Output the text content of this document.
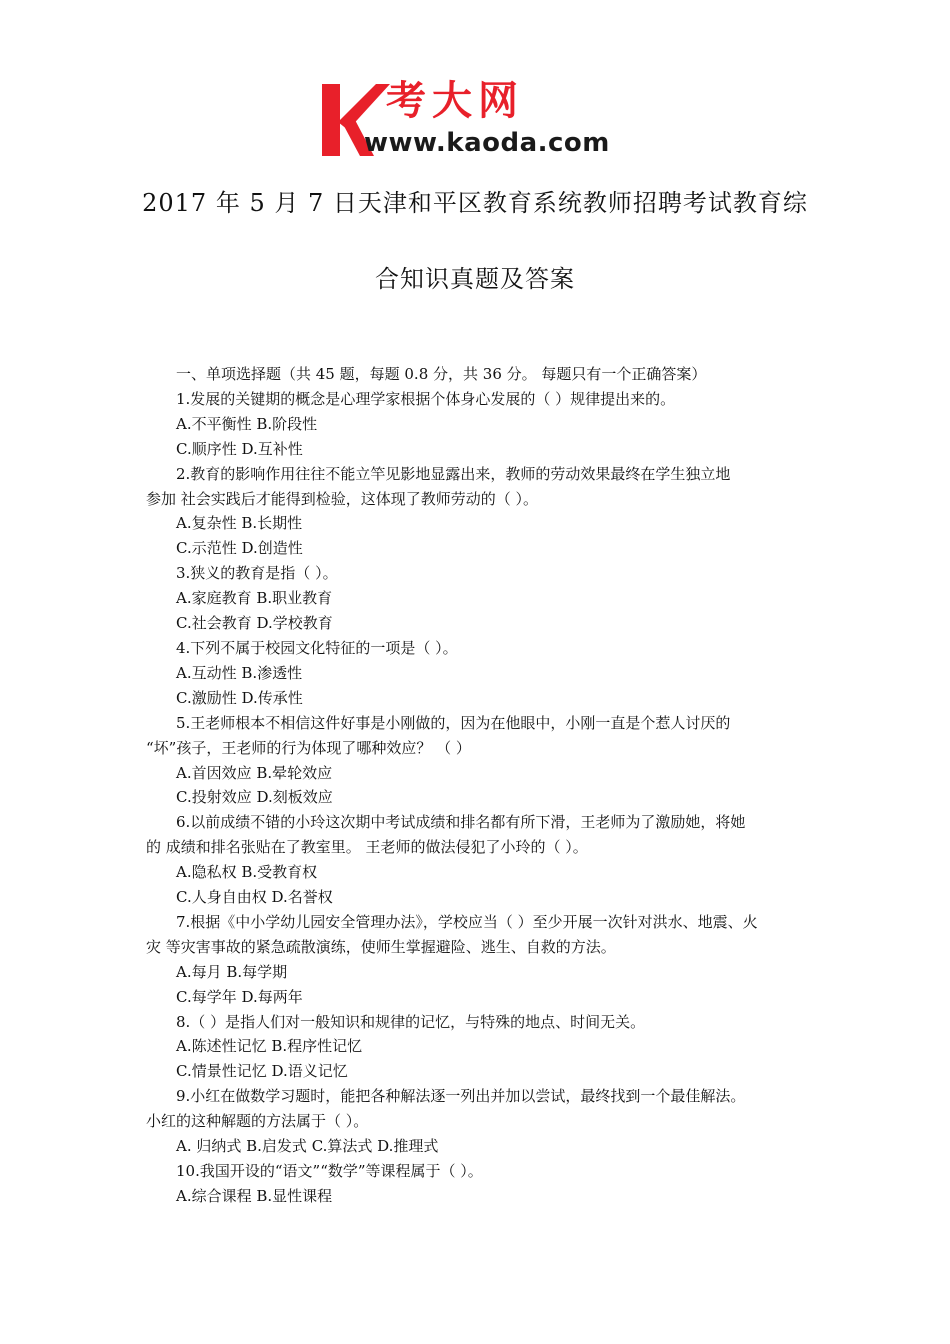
考大网
www.kaoda.com
2017 年 5 月 7 日天津和平区教育系统教师招聘考试教育综
合知识真题及答案

一、单项选择题（共 45 题，每题 0.8 分，共 36 分。 每题只有一个正确答案）

1.发展的关键期的概念是心理学家根据个体身心发展的（ ）规律提出来的。

A.不平衡性 B.阶段性

C.顺序性 D.互补性

2.教育的影响作用往往不能立竿见影地显露出来，教师的劳动效果最终在学生独立地

参加 社会实践后才能得到检验，这体现了教师劳动的（ ）。

A.复杂性 B.长期性

C.示范性 D.创造性

3.狭义的教育是指（ ）。

A.家庭教育 B.职业教育

C.社会教育 D.学校教育

4.下列不属于校园文化特征的一项是（ ）。

A.互动性 B.渗透性

C.激励性 D.传承性

5.王老师根本不相信这件好事是小刚做的，因为在他眼中，小刚一直是个惹人讨厌的

“坏”孩子，王老师的行为体现了哪种效应？ （ ）

A.首因效应 B.晕轮效应

C.投射效应 D.刻板效应

6.以前成绩不错的小玲这次期中考试成绩和排名都有所下滑，王老师为了激励她，将她

的 成绩和排名张贴在了教室里。 王老师的做法侵犯了小玲的（ ）。

A.隐私权 B.受教育权

C.人身自由权 D.名誉权

7.根据《中小学幼儿园安全管理办法》，学校应当（ ）至少开展一次针对洪水、地震、火

灾 等灾害事故的紧急疏散演练，使师生掌握避险、逃生、自救的方法。

A.每月 B.每学期

C.每学年 D.每两年

8.（ ）是指人们对一般知识和规律的记忆，与特殊的地点、时间无关。

A.陈述性记忆 B.程序性记忆

C.情景性记忆 D.语义记忆

9.小红在做数学习题时，能把各种解法逐一列出并加以尝试，最终找到一个最佳解法。

小红的这种解题的方法属于（ ）。

A. 归纳式 B.启发式 C.算法式 D.推理式

10.我国开设的“语文”“数学”等课程属于（ ）。

A.综合课程 B.显性课程
